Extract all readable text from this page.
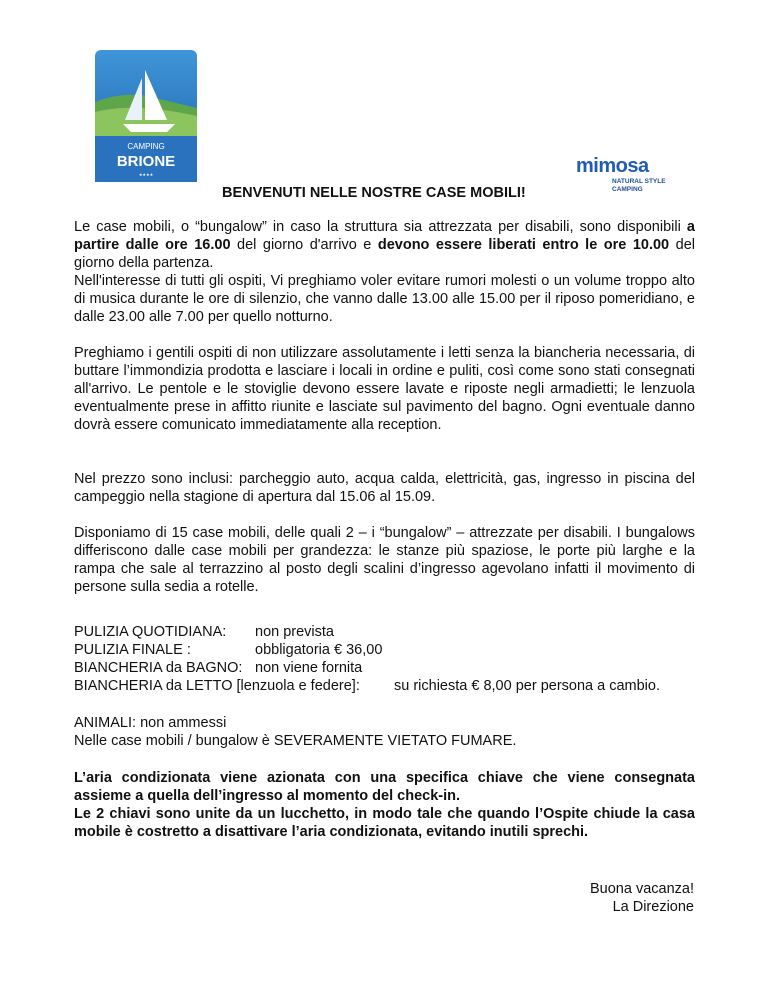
CAMPING
BRIONE
★★★★	mimosa
NATURAL STYLE
CAMPING
BENVENUTI NELLE NOSTRE CASE MOBILI!

Le case mobili, o “bungalow” in caso la struttura sia attrezzata per disabili, sono disponibili a partire dalle ore 16.00 del giorno d'arrivo e devono essere liberati entro le ore 10.00 del giorno della partenza.

Nell'interesse di tutti gli ospiti, Vi preghiamo voler evitare rumori molesti o un volume troppo alto di musica durante le ore di silenzio, che vanno dalle 13.00 alle 15.00 per il riposo pomeridiano, e dalle 23.00 alle 7.00 per quello notturno.

Preghiamo i gentili ospiti di non utilizzare assolutamente i letti senza la biancheria necessaria, di buttare l’immondizia prodotta e lasciare i locali in ordine e puliti, così come sono stati consegnati all'arrivo. Le pentole e le stoviglie devono essere lavate e riposte negli armadietti; le lenzuola eventualmente prese in affitto riunite e lasciate sul pavimento del bagno. Ogni eventuale danno dovrà essere comunicato immediatamente alla reception.

Nel prezzo sono inclusi: parcheggio auto, acqua calda, elettricità, gas, ingresso in piscina del campeggio nella stagione di apertura dal 15.06 al 15.09.

Disponiamo di 15 case mobili, delle quali 2 – i “bungalow” – attrezzate per disabili. I bungalows differiscono dalle case mobili per grandezza: le stanze più spaziose, le porte più larghe e la rampa che sale al terrazzino al posto degli scalini d’ingresso agevolano infatti il movimento di persone sulla sedia a rotelle.

PULIZIA QUOTIDIANA: non prevista
PULIZIA FINALE :	obbligatoria € 36,00
BIANCHERIA da BAGNO: non viene fornita
BIANCHERIA da LETTO [lenzuola e federe]: su richiesta € 8,00 per persona a cambio.

ANIMALI: non ammessi

Nelle case mobili / bungalow è SEVERAMENTE VIETATO FUMARE.

L’aria condizionata viene azionata con una specifica chiave che viene consegnata assieme a quella dell’ingresso al momento del check-in.

Le 2 chiavi sono unite da un lucchetto, in modo tale che quando l’Ospite chiude la casa mobile è costretto a disattivare l’aria condizionata, evitando inutili sprechi.

Buona vacanza!

La Direzione
